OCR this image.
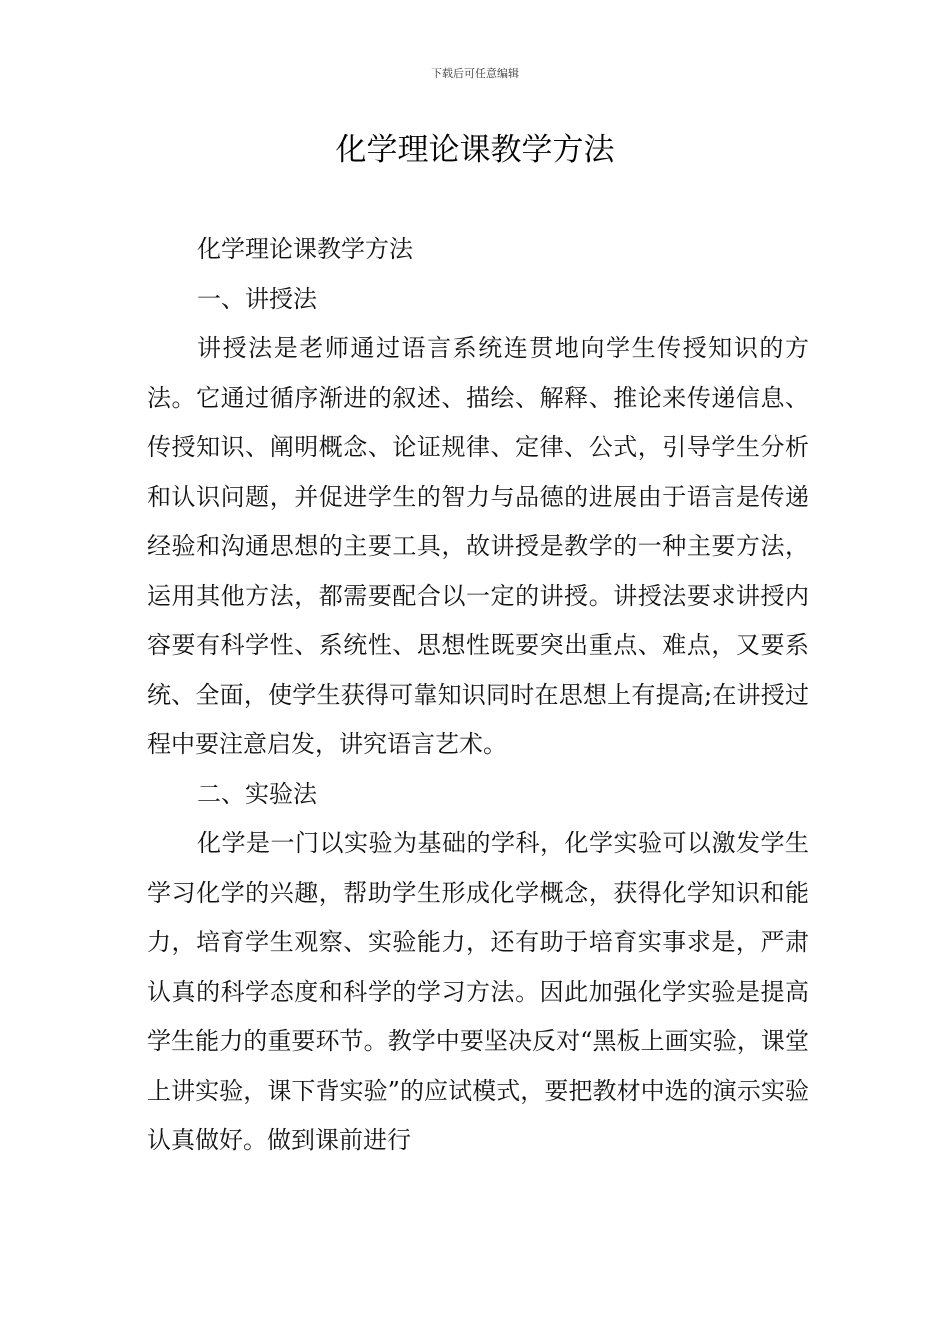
下载后可任意编辑
化学理论课教学方法

化学理论课教学方法

一、讲授法

讲授法是老师通过语言系统连贯地向学生传授知识的方法。它通过循序渐进的叙述、描绘、解释、推论来传递信息、传授知识、阐明概念、论证规律、定律、公式，引导学生分析和认识问题，并促进学生的智力与品德的进展由于语言是传递经验和沟通思想的主要工具，故讲授是教学的一种主要方法，运用其他方法，都需要配合以一定的讲授。讲授法要求讲授内容要有科学性、系统性、思想性既要突出重点、难点，又要系统、全面，使学生获得可靠知识同时在思想上有提高;在讲授过程中要注意启发，讲究语言艺术。

二、实验法

化学是一门以实验为基础的学科，化学实验可以激发学生学习化学的兴趣，帮助学生形成化学概念，获得化学知识和能力，培育学生观察、实验能力，还有助于培育实事求是，严肃认真的科学态度和科学的学习方法。因此加强化学实验是提高学生能力的重要环节。教学中要坚决反对“黑板上画实验，课堂上讲实验，课下背实验”的应试模式，要把教材中选的演示实验认真做好。做到课前进行
